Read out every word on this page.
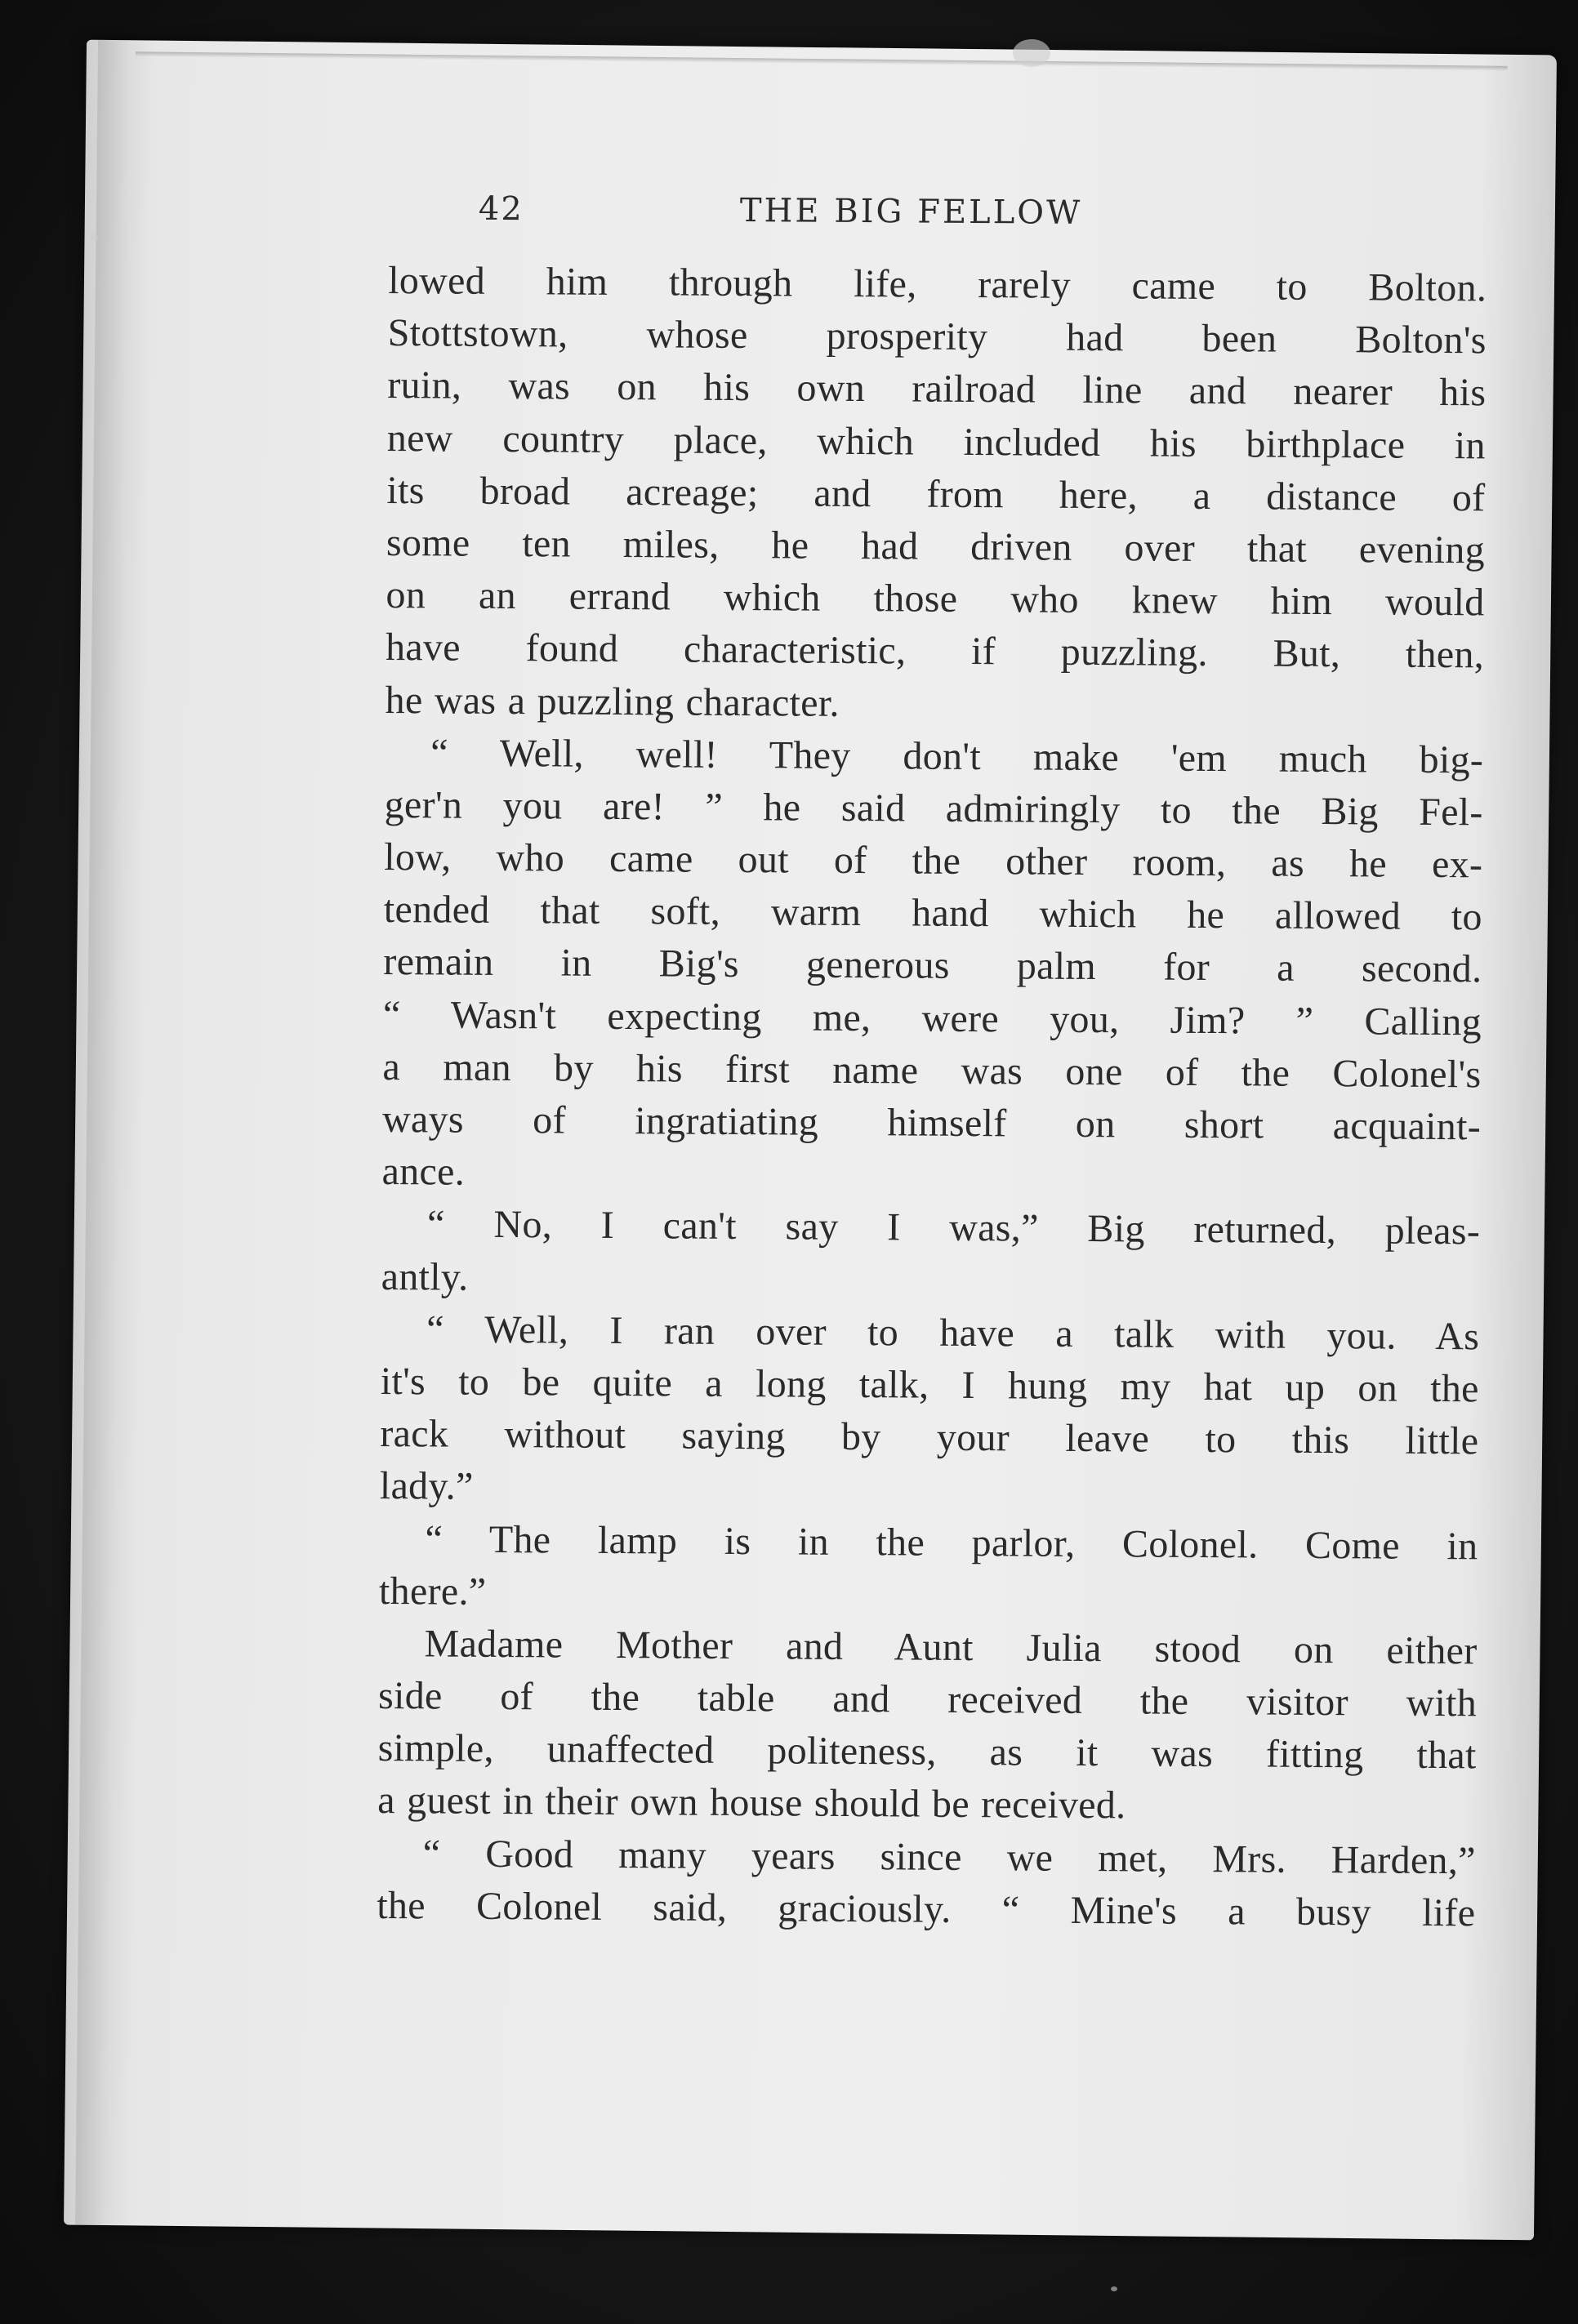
42	THE BIG FELLOW
lowed him through life, rarely came to Bolton.
Stottstown, whose prosperity had been Bolton's
ruin, was on his own railroad line and nearer his
new country place, which included his birthplace in
its broad acreage; and from here, a distance of
some ten miles, he had driven over that evening
on an errand which those who knew him would
have found characteristic, if puzzling. But, then,
he was a puzzling character.
“ Well, well! They don't make 'em much big-
ger'n you are! ” he said admiringly to the Big Fel-
low, who came out of the other room, as he ex-
tended that soft, warm hand which he allowed to
remain in Big's generous palm for a second.
“ Wasn't expecting me, were you, Jim? ” Calling
a man by his first name was one of the Colonel's
ways of ingratiating himself on short acquaint-
ance.
“ No, I can't say I was,” Big returned, pleas-
antly.
“ Well, I ran over to have a talk with you. As
it's to be quite a long talk, I hung my hat up on the
rack without saying by your leave to this little
lady.”
“ The lamp is in the parlor, Colonel. Come in
there.”
Madame Mother and Aunt Julia stood on either
side of the table and received the visitor with
simple, unaffected politeness, as it was fitting that
a guest in their own house should be received.
“ Good many years since we met, Mrs. Harden,”
the Colonel said, graciously. “ Mine's a busy life
